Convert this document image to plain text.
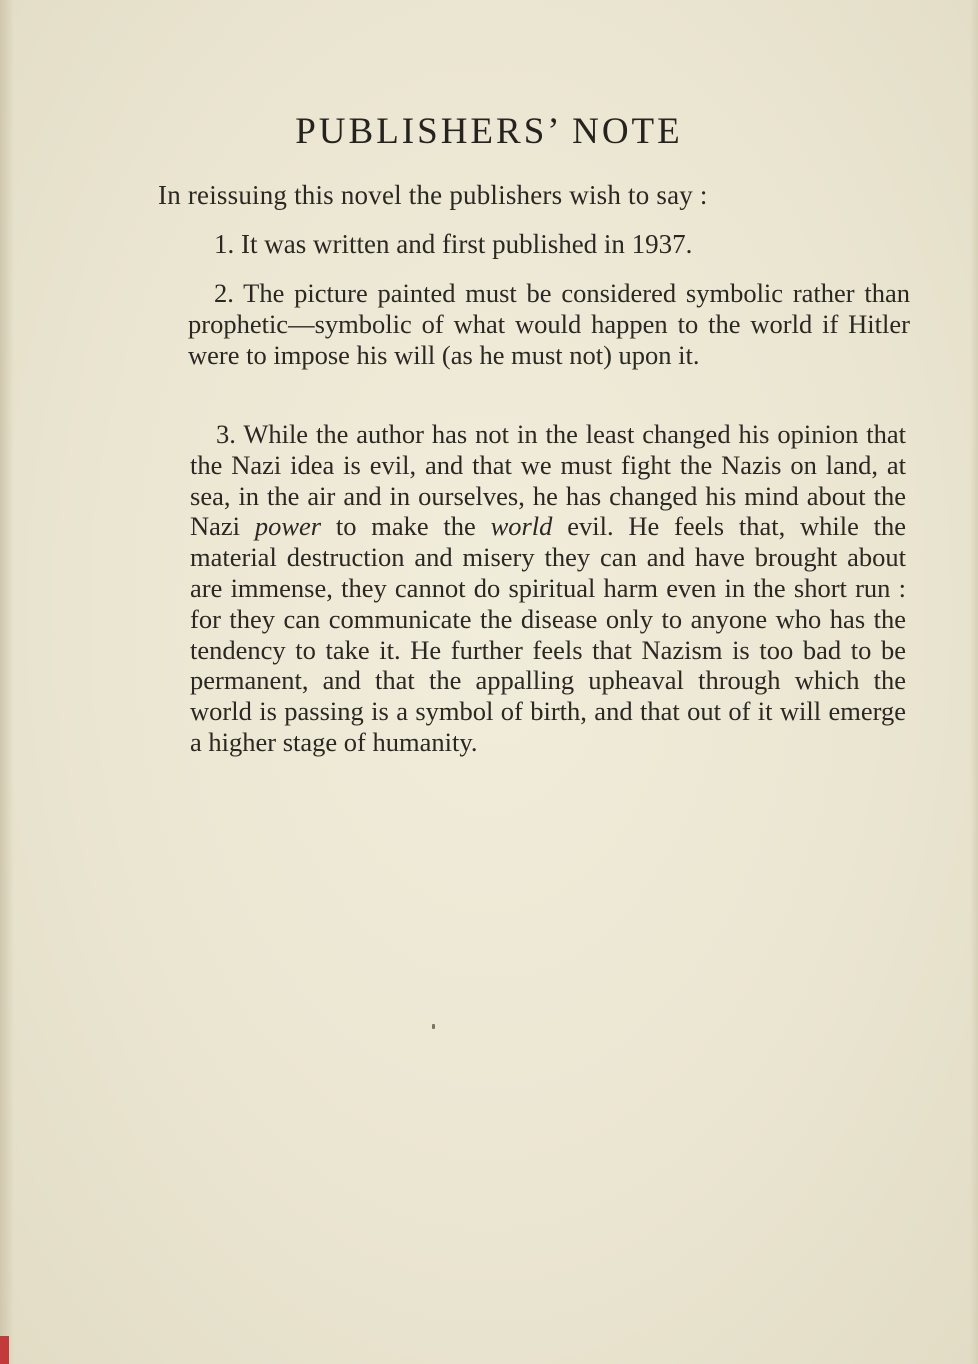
PUBLISHERS’ NOTE
In reissuing this novel the publishers wish to say :
1. It was written and first published in 1937.
2. The picture painted must be considered symbolic rather than prophetic—symbolic of what would happen to the world if Hitler were to impose his will (as he must not) upon it.
3. While the author has not in the least changed his opinion that the Nazi idea is evil, and that we must fight the Nazis on land, at sea, in the air and in ourselves, he has changed his mind about the Nazi power to make the world evil. He feels that, while the material destruction and misery they can and have brought about are immense, they cannot do spiritual harm even in the short run : for they can communicate the disease only to anyone who has the tendency to take it. He further feels that Nazism is too bad to be permanent, and that the appalling upheaval through which the world is passing is a symbol of birth, and that out of it will emerge a higher stage of humanity.
